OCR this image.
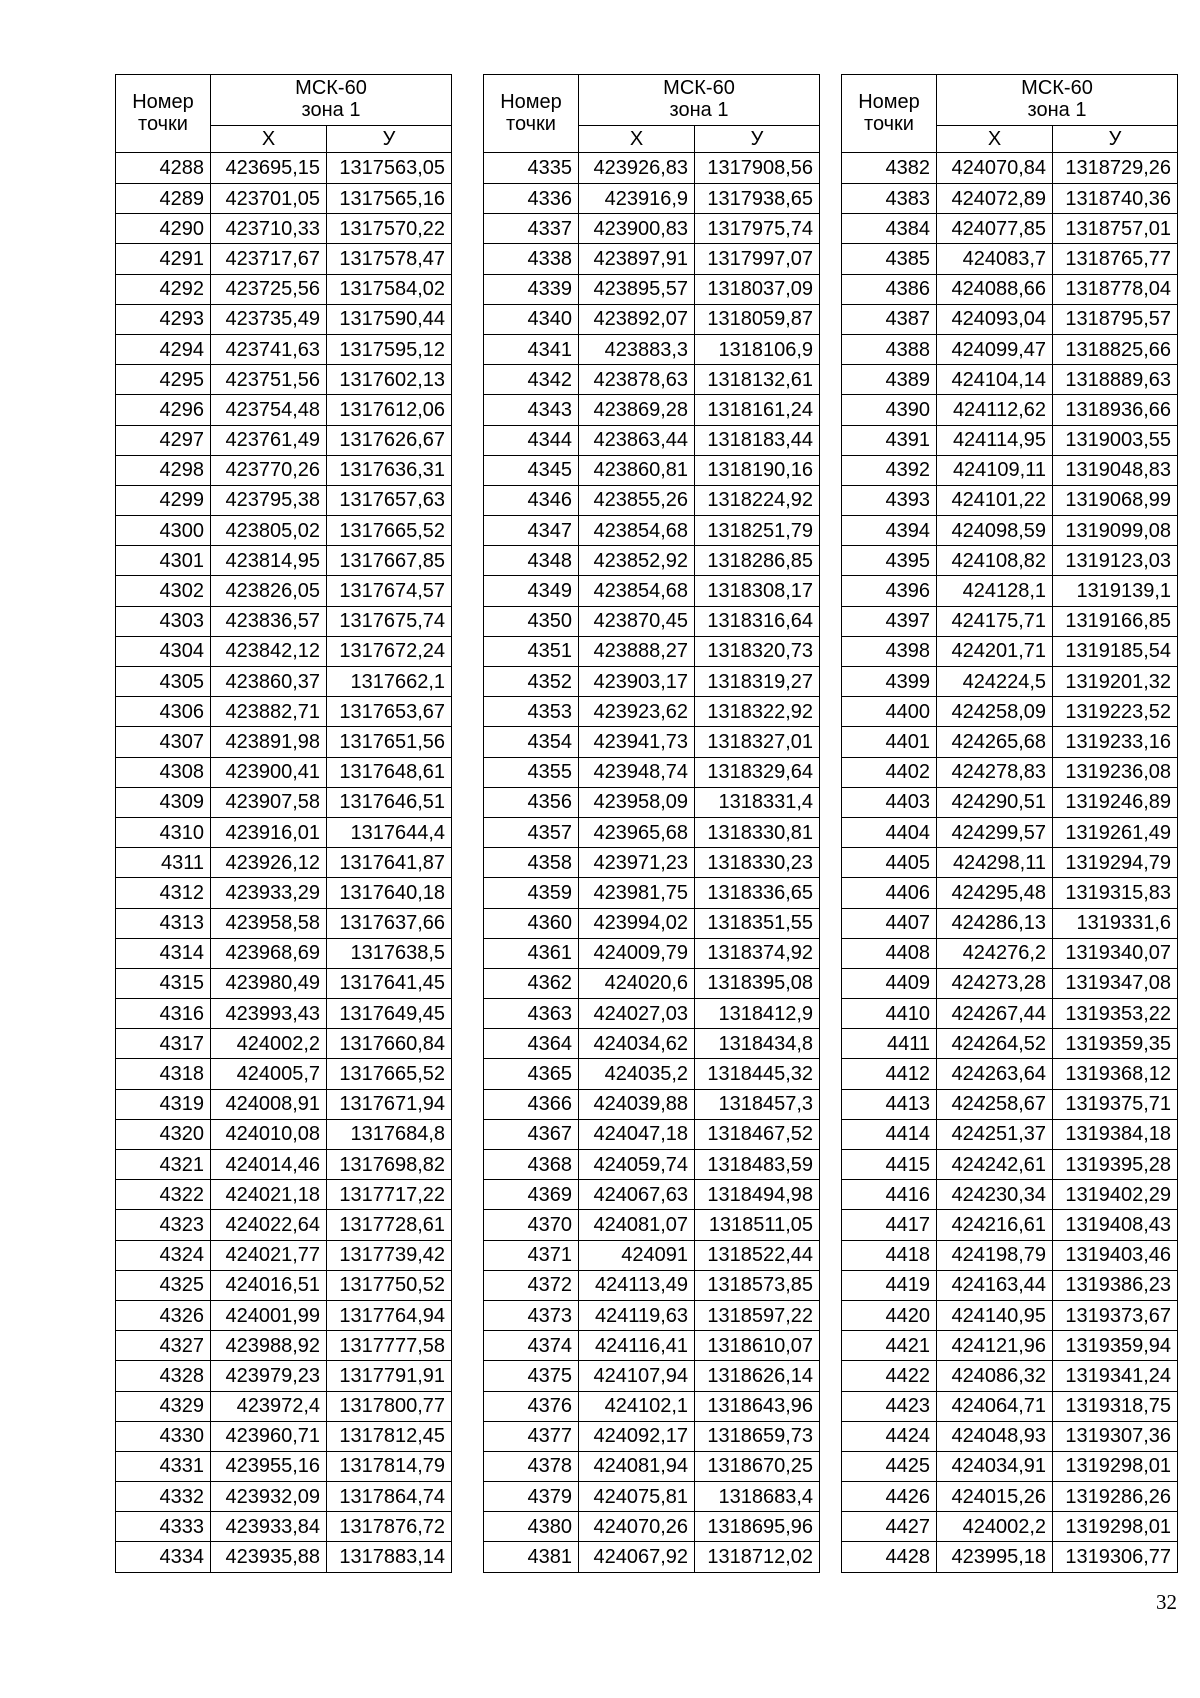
Номер точки	МСК-60
зона 1	
	X	У
4288	423695,15	1317563,05
4289	423701,05	1317565,16
4290	423710,33	1317570,22
4291	423717,67	1317578,47
4292	423725,56	1317584,02
4293	423735,49	1317590,44
4294	423741,63	1317595,12
4295	423751,56	1317602,13
4296	423754,48	1317612,06
4297	423761,49	1317626,67
4298	423770,26	1317636,31
4299	423795,38	1317657,63
4300	423805,02	1317665,52
4301	423814,95	1317667,85
4302	423826,05	1317674,57
4303	423836,57	1317675,74
4304	423842,12	1317672,24
4305	423860,37	1317662,1
4306	423882,71	1317653,67
4307	423891,98	1317651,56
4308	423900,41	1317648,61
4309	423907,58	1317646,51
4310	423916,01	1317644,4
4311	423926,12	1317641,87
4312	423933,29	1317640,18
4313	423958,58	1317637,66
4314	423968,69	1317638,5
4315	423980,49	1317641,45
4316	423993,43	1317649,45
4317	424002,2	1317660,84
4318	424005,7	1317665,52
4319	424008,91	1317671,94
4320	424010,08	1317684,8
4321	424014,46	1317698,82
4322	424021,18	1317717,22
4323	424022,64	1317728,61
4324	424021,77	1317739,42
4325	424016,51	1317750,52
4326	424001,99	1317764,94
4327	423988,92	1317777,58
4328	423979,23	1317791,91
4329	423972,4	1317800,77
4330	423960,71	1317812,45
4331	423955,16	1317814,79
4332	423932,09	1317864,74
4333	423933,84	1317876,72
4334	423935,88	1317883,14
Номер точки	МСК-60
зона 1	
	X	У
4335	423926,83	1317908,56
4336	423916,9	1317938,65
4337	423900,83	1317975,74
4338	423897,91	1317997,07
4339	423895,57	1318037,09
4340	423892,07	1318059,87
4341	423883,3	1318106,9
4342	423878,63	1318132,61
4343	423869,28	1318161,24
4344	423863,44	1318183,44
4345	423860,81	1318190,16
4346	423855,26	1318224,92
4347	423854,68	1318251,79
4348	423852,92	1318286,85
4349	423854,68	1318308,17
4350	423870,45	1318316,64
4351	423888,27	1318320,73
4352	423903,17	1318319,27
4353	423923,62	1318322,92
4354	423941,73	1318327,01
4355	423948,74	1318329,64
4356	423958,09	1318331,4
4357	423965,68	1318330,81
4358	423971,23	1318330,23
4359	423981,75	1318336,65
4360	423994,02	1318351,55
4361	424009,79	1318374,92
4362	424020,6	1318395,08
4363	424027,03	1318412,9
4364	424034,62	1318434,8
4365	424035,2	1318445,32
4366	424039,88	1318457,3
4367	424047,18	1318467,52
4368	424059,74	1318483,59
4369	424067,63	1318494,98
4370	424081,07	1318511,05
4371	424091	1318522,44
4372	424113,49	1318573,85
4373	424119,63	1318597,22
4374	424116,41	1318610,07
4375	424107,94	1318626,14
4376	424102,1	1318643,96
4377	424092,17	1318659,73
4378	424081,94	1318670,25
4379	424075,81	1318683,4
4380	424070,26	1318695,96
4381	424067,92	1318712,02
Номер точки	МСК-60
зона 1	
	X	У
4382	424070,84	1318729,26
4383	424072,89	1318740,36
4384	424077,85	1318757,01
4385	424083,7	1318765,77
4386	424088,66	1318778,04
4387	424093,04	1318795,57
4388	424099,47	1318825,66
4389	424104,14	1318889,63
4390	424112,62	1318936,66
4391	424114,95	1319003,55
4392	424109,11	1319048,83
4393	424101,22	1319068,99
4394	424098,59	1319099,08
4395	424108,82	1319123,03
4396	424128,1	1319139,1
4397	424175,71	1319166,85
4398	424201,71	1319185,54
4399	424224,5	1319201,32
4400	424258,09	1319223,52
4401	424265,68	1319233,16
4402	424278,83	1319236,08
4403	424290,51	1319246,89
4404	424299,57	1319261,49
4405	424298,11	1319294,79
4406	424295,48	1319315,83
4407	424286,13	1319331,6
4408	424276,2	1319340,07
4409	424273,28	1319347,08
4410	424267,44	1319353,22
4411	424264,52	1319359,35
4412	424263,64	1319368,12
4413	424258,67	1319375,71
4414	424251,37	1319384,18
4415	424242,61	1319395,28
4416	424230,34	1319402,29
4417	424216,61	1319408,43
4418	424198,79	1319403,46
4419	424163,44	1319386,23
4420	424140,95	1319373,67
4421	424121,96	1319359,94
4422	424086,32	1319341,24
4423	424064,71	1319318,75
4424	424048,93	1319307,36
4425	424034,91	1319298,01
4426	424015,26	1319286,26
4427	424002,2	1319298,01
4428	423995,18	1319306,77
32
